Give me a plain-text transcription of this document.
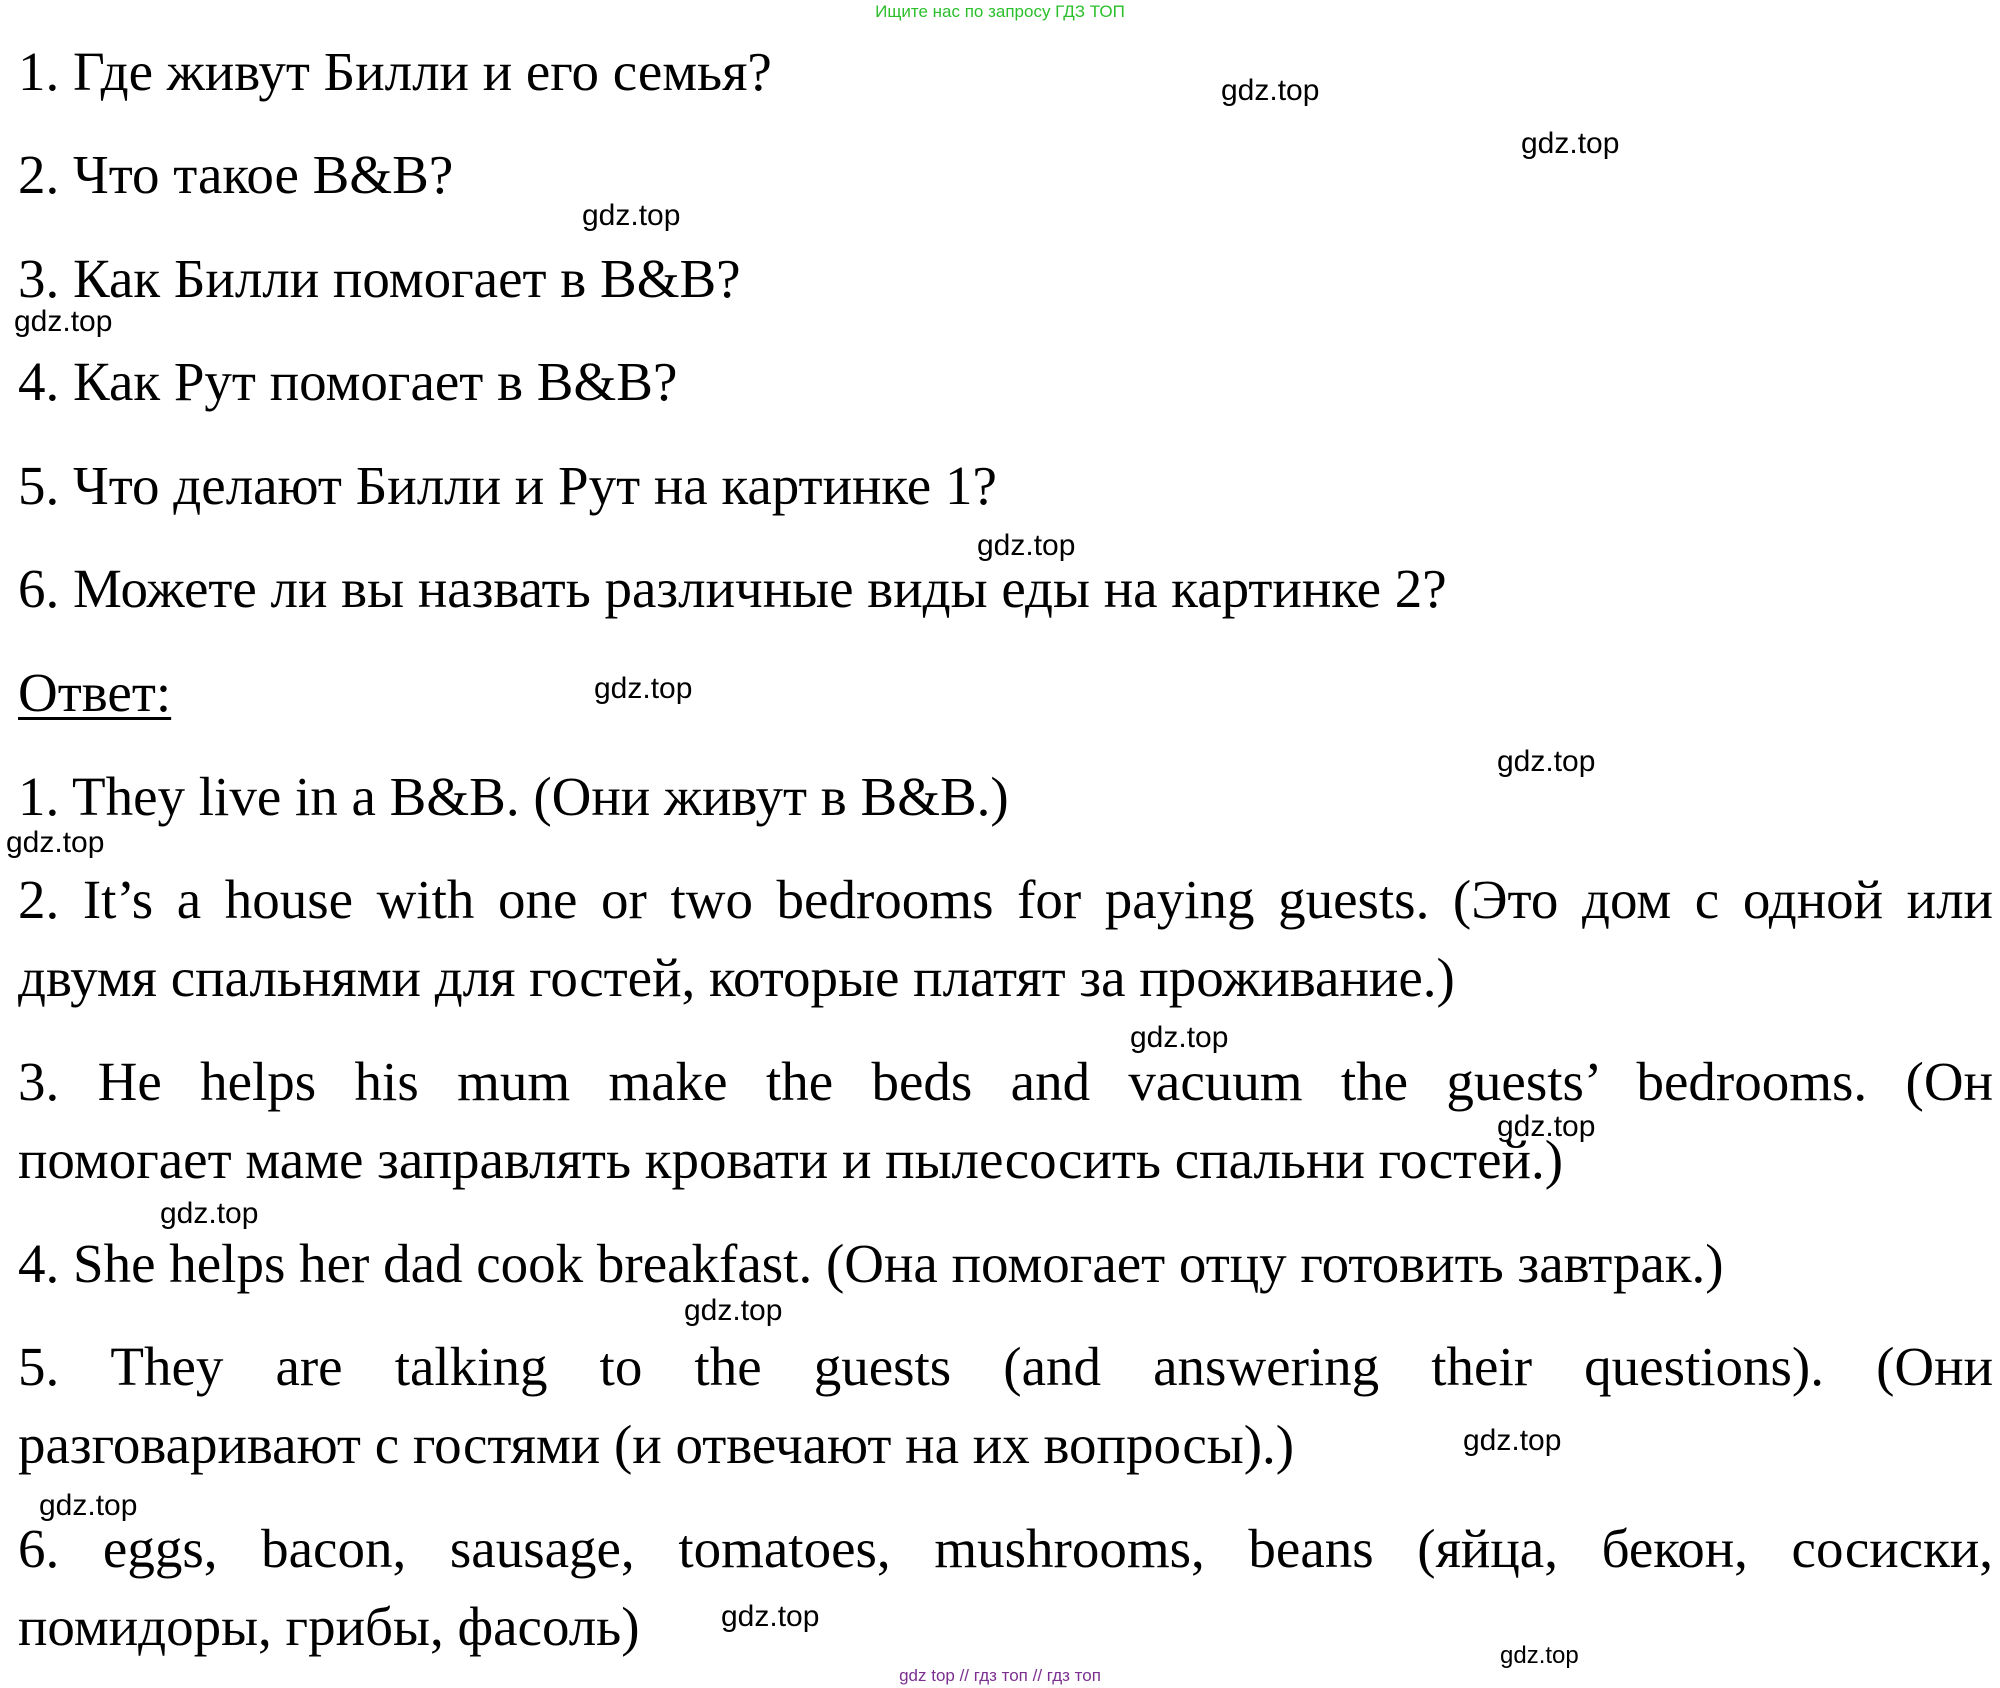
Ищите нас по запросу ГДЗ ТОП
1. Где живут Билли и его семья?
2. Что такое B&B?
3. Как Билли помогает в B&B?
4. Как Рут помогает в B&B?
5. Что делают Билли и Рут на картинке 1?
6. Можете ли вы назвать различные виды еды на картинке 2?
Ответ:
1. They live in a B&B. (Они живут в B&B.)
2. It’s a house with one or two bedrooms for paying guests. (Это дом с одной или
двумя спальнями для гостей, которые платят за проживание.)
3. He helps his mum make the beds and vacuum the guests’ bedrooms. (Он
помогает маме заправлять кровати и пылесосить спальни гостей.)
4. She helps her dad cook breakfast. (Она помогает отцу готовить завтрак.)
5. They are talking to the guests (and answering their questions). (Они
разговаривают с гостями (и отвечают на их вопросы).)
6. eggs, bacon, sausage, tomatoes, mushrooms, beans (яйца, бекон, сосиски,
помидоры, грибы, фасоль)
gdz.top
gdz.top
gdz.top
gdz.top
gdz.top
gdz.top
gdz.top
gdz.top
gdz.top
gdz.top
gdz.top
gdz.top
gdz.top
gdz.top
gdz.top
gdz.top
gdz top // гдз топ // гдз топ
